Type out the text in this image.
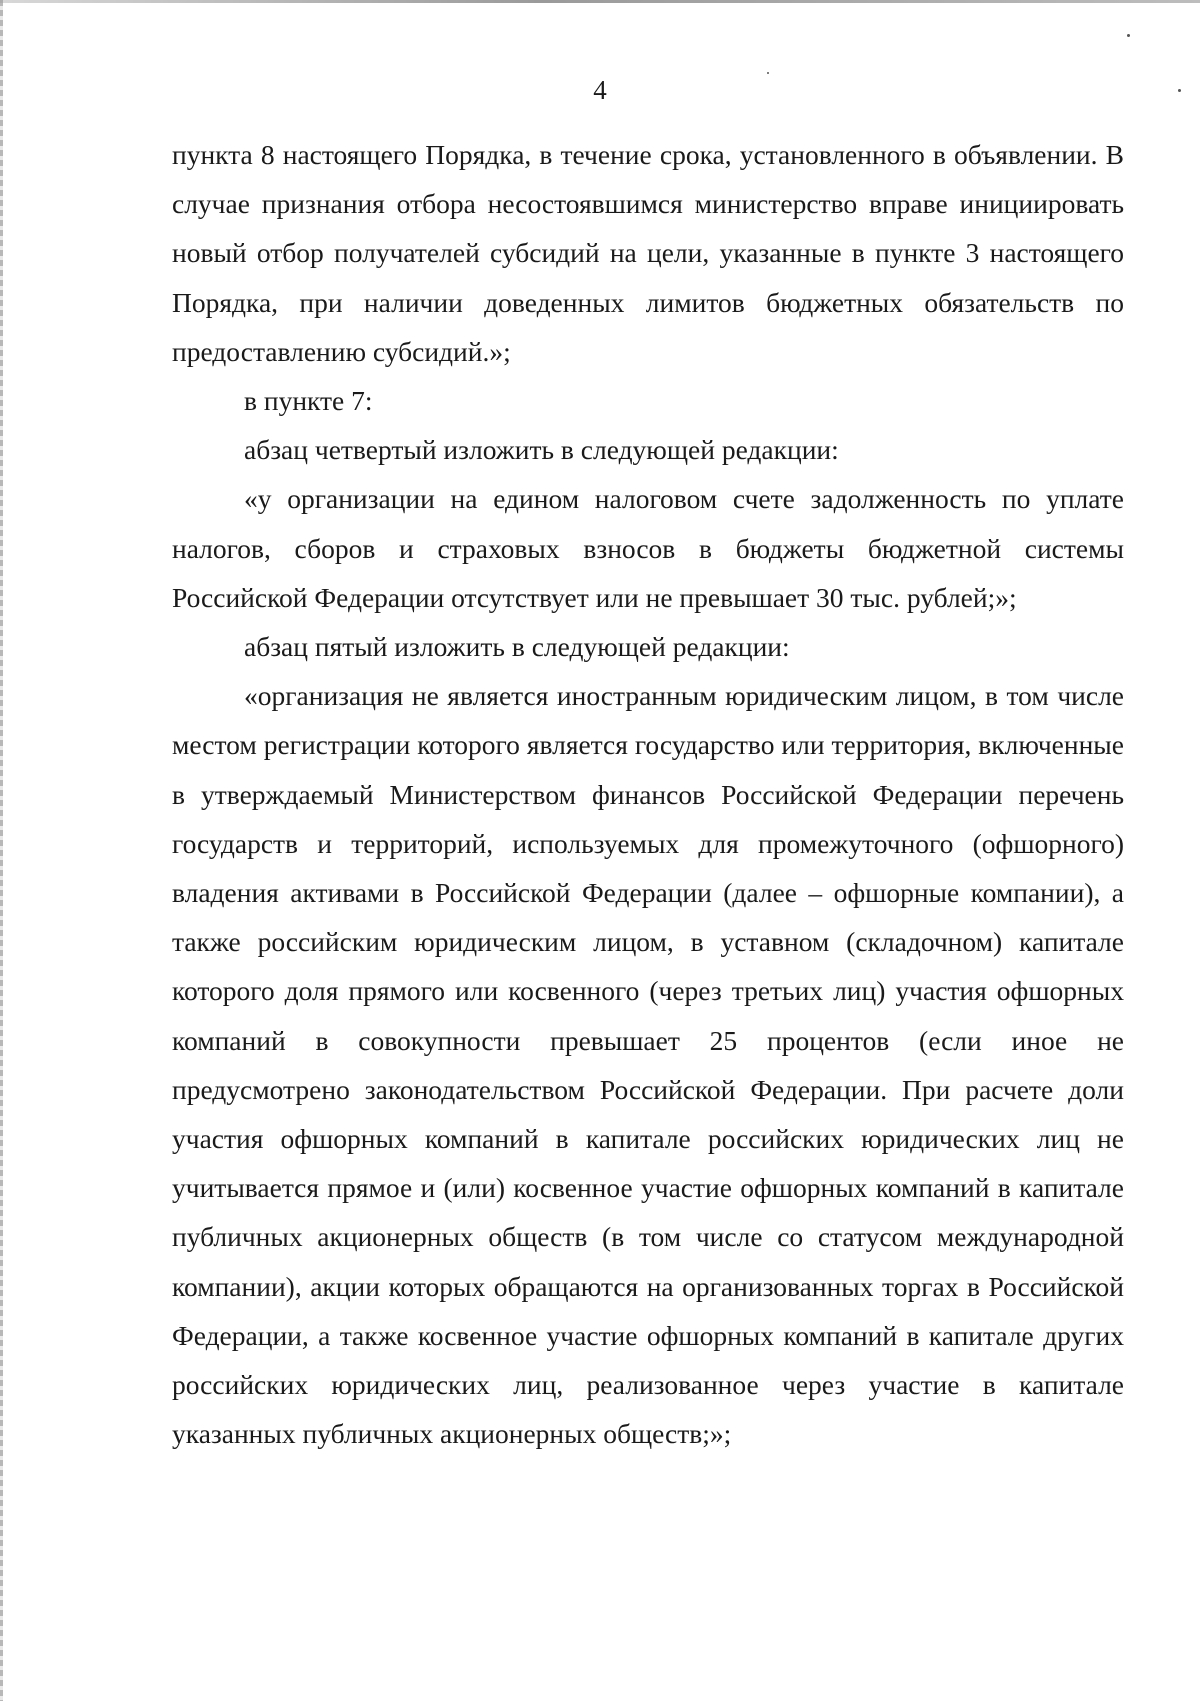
4

пункта 8 настоящего Порядка, в течение срока, установленного в объявлении. В случае признания отбора несостоявшимся министерство вправе инициировать новый отбор получателей субсидий на цели, указанные в пункте 3 настоящего Порядка, при наличии доведенных лимитов бюджетных обязательств по предоставлению субсидий.»;

в пункте 7:

абзац четвертый изложить в следующей редакции:

«у организации на едином налоговом счете задолженность по уплате налогов, сборов и страховых взносов в бюджеты бюджетной системы Российской Федерации отсутствует или не превышает 30 тыс. рублей;»;

абзац пятый изложить в следующей редакции:

«организация не является иностранным юридическим лицом, в том числе местом регистрации которого является государство или территория, включенные в утверждаемый Министерством финансов Российской Федерации перечень государств и территорий, используемых для промежуточного (офшорного) владения активами в Российской Федерации (далее – офшорные компании), а также российским юридическим лицом, в уставном (складочном) капитале которого доля прямого или косвенного (через третьих лиц) участия офшорных компаний в совокупности превышает 25 процентов (если иное не предусмотрено законодательством Российской Федерации. При расчете доли участия офшорных компаний в капитале российских юридических лиц не учитывается прямое и (или) косвенное участие офшорных компаний в капитале публичных акционерных обществ (в том числе со статусом международной компании), акции которых обращаются на организованных торгах в Российской Федерации, а также косвенное участие офшорных компаний в капитале других российских юридических лиц, реализованное через участие в капитале указанных публичных акционерных обществ;»;
